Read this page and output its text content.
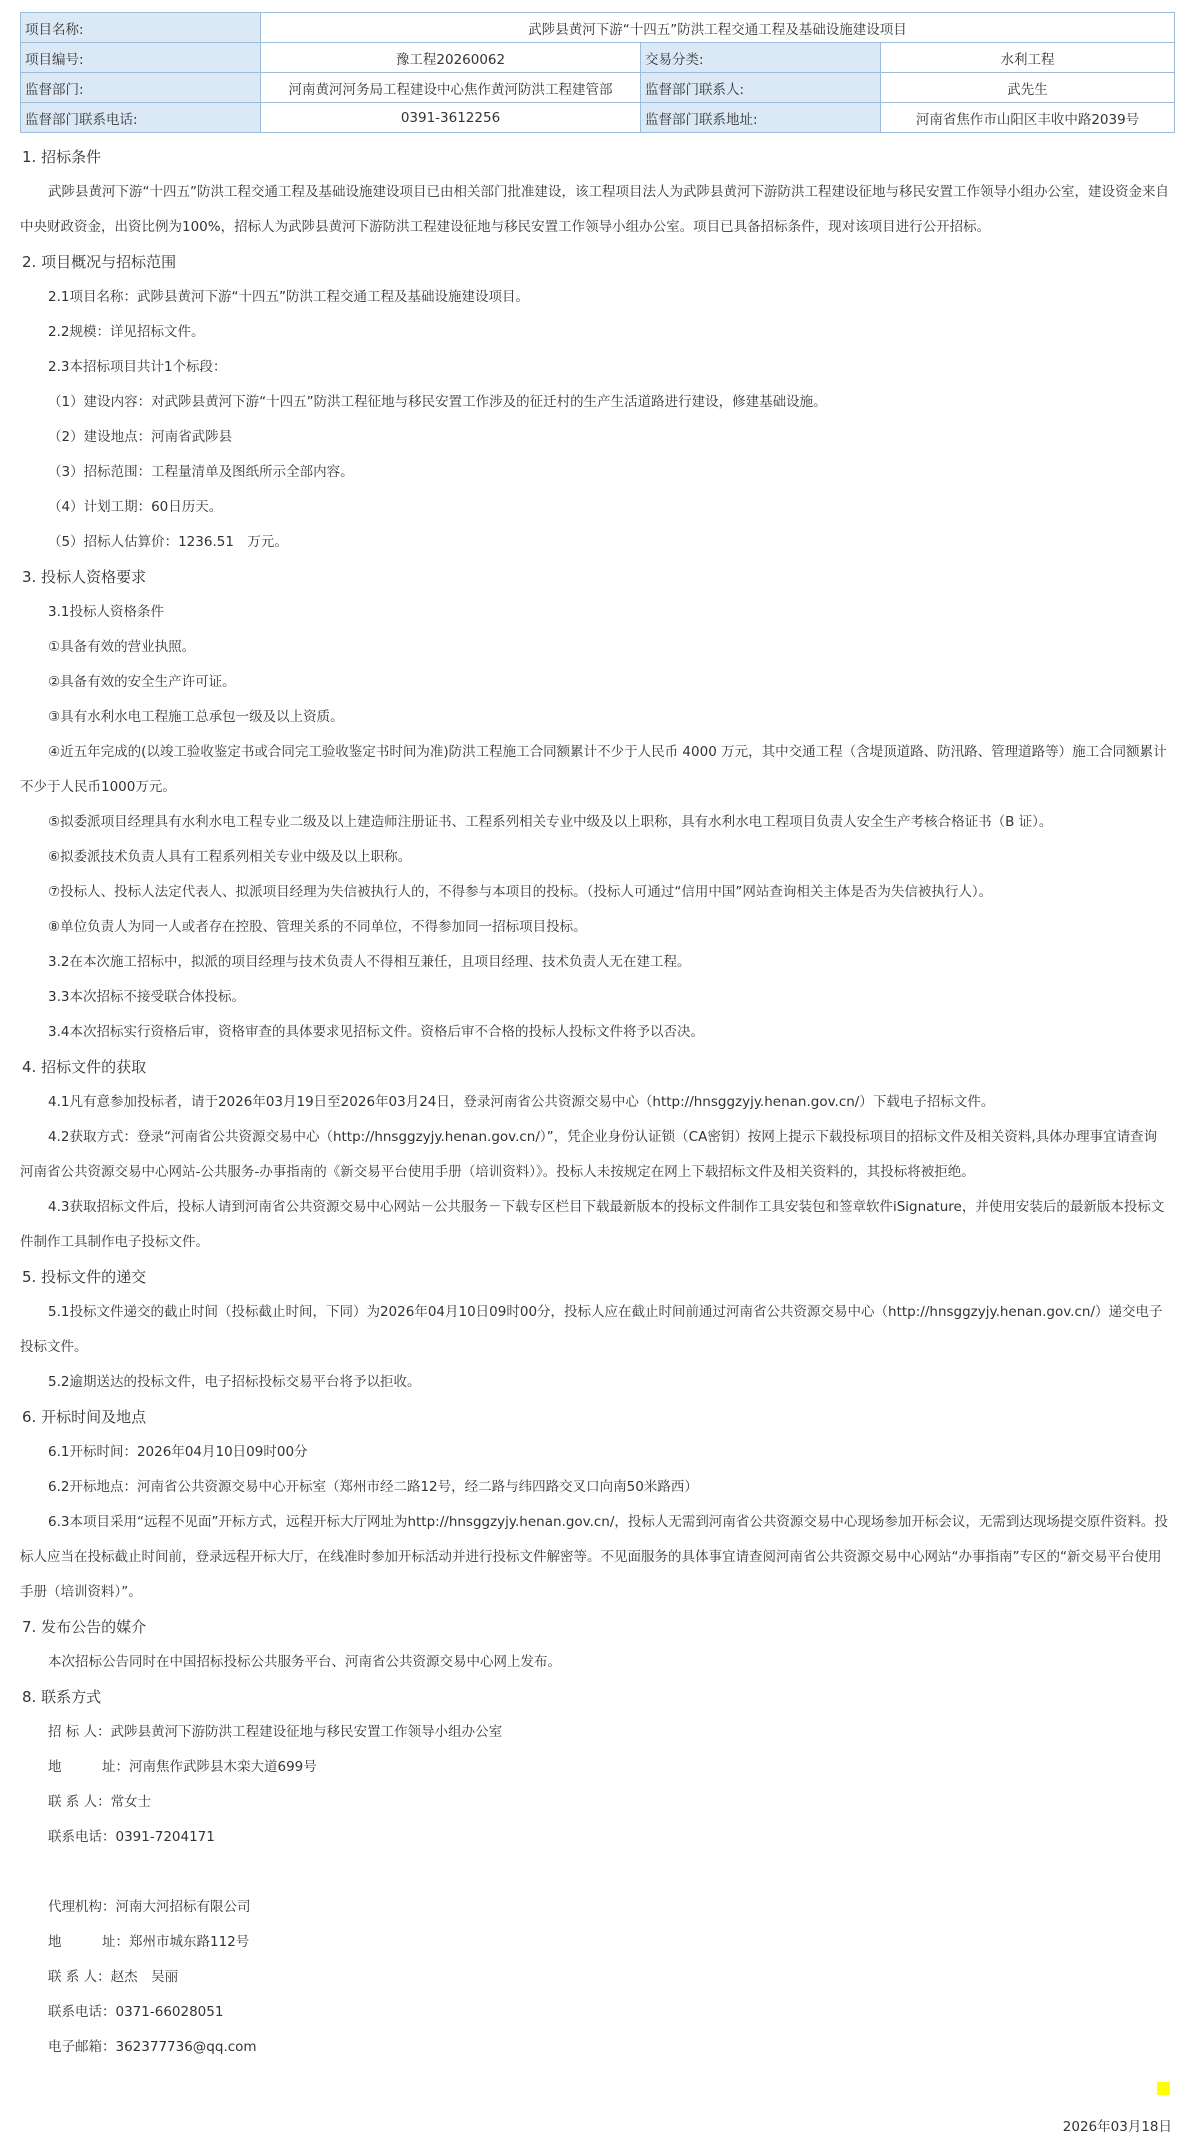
项目名称:	武陟县黄河下游“十四五”防洪工程交通工程及基础设施建设项目		
项目编号:	豫工程20260062	交易分类:	水利工程
监督部门:	河南黄河河务局工程建设中心焦作黄河防洪工程建管部	监督部门联系人:	武先生
监督部门联系电话:	0391-3612256	监督部门联系地址:	河南省焦作市山阳区丰收中路2039号
1. 招标条件
武陟县黄河下游“十四五”防洪工程交通工程及基础设施建设项目已由相关部门批准建设，该工程项目法人为武陟县黄河下游防洪工程建设征地与移民安置工作领导小组办公室，建设资金来自中央财政资金，出资比例为100%，招标人为武陟县黄河下游防洪工程建设征地与移民安置工作领导小组办公室。项目已具备招标条件，现对该项目进行公开招标。
2. 项目概况与招标范围
2.1项目名称：武陟县黄河下游“十四五”防洪工程交通工程及基础设施建设项目。
2.2规模：详见招标文件。
2.3本招标项目共计1个标段：
（1）建设内容：对武陟县黄河下游“十四五”防洪工程征地与移民安置工作涉及的征迁村的生产生活道路进行建设，修建基础设施。
（2）建设地点：河南省武陟县
（3）招标范围：工程量清单及图纸所示全部内容。
（4）计划工期：60日历天。
（5）招标人估算价：1236.51　万元。
3. 投标人资格要求
3.1投标人资格条件
①具备有效的营业执照。
②具备有效的安全生产许可证。
③具有水利水电工程施工总承包一级及以上资质。
④近五年完成的(以竣工验收鉴定书或合同完工验收鉴定书时间为准)防洪工程施工合同额累计不少于人民币 4000 万元，其中交通工程（含堤顶道路、防汛路、管理道路等）施工合同额累计不少于人民币1000万元。
⑤拟委派项目经理具有水利水电工程专业二级及以上建造师注册证书、工程系列相关专业中级及以上职称，具有水利水电工程项目负责人安全生产考核合格证书（B 证）。
⑥拟委派技术负责人具有工程系列相关专业中级及以上职称。
⑦投标人、投标人法定代表人、拟派项目经理为失信被执行人的，不得参与本项目的投标。（投标人可通过“信用中国”网站查询相关主体是否为失信被执行人）。
⑧单位负责人为同一人或者存在控股、管理关系的不同单位，不得参加同一招标项目投标。
3.2在本次施工招标中，拟派的项目经理与技术负责人不得相互兼任，且项目经理、技术负责人无在建工程。
3.3本次招标不接受联合体投标。
3.4本次招标实行资格后审，资格审查的具体要求见招标文件。资格后审不合格的投标人投标文件将予以否决。
4. 招标文件的获取
4.1凡有意参加投标者，请于2026年03月19日至2026年03月24日，登录河南省公共资源交易中心（http://hnsggzyjy.henan.gov.cn/）下载电子招标文件。
4.2获取方式：登录“河南省公共资源交易中心（http://hnsggzyjy.henan.gov.cn/）”，凭企业身份认证锁（CA密钥）按网上提示下载投标项目的招标文件及相关资料,具体办理事宜请查询河南省公共资源交易中心网站-公共服务-办事指南的《新交易平台使用手册（培训资料）》。投标人未按规定在网上下载招标文件及相关资料的，其投标将被拒绝。
4.3获取招标文件后，投标人请到河南省公共资源交易中心网站－公共服务－下载专区栏目下载最新版本的投标文件制作工具安装包和签章软件iSignature，并使用安装后的最新版本投标文件制作工具制作电子投标文件。
5. 投标文件的递交
5.1投标文件递交的截止时间（投标截止时间，下同）为2026年04月10日09时00分，投标人应在截止时间前通过河南省公共资源交易中心（http://hnsggzyjy.henan.gov.cn/）递交电子投标文件。
5.2逾期送达的投标文件，电子招标投标交易平台将予以拒收。
6. 开标时间及地点
6.1开标时间：2026年04月10日09时00分
6.2开标地点：河南省公共资源交易中心开标室（郑州市经二路12号，经二路与纬四路交叉口向南50米路西）
6.3本项目采用“远程不见面”开标方式，远程开标大厅网址为http://hnsggzyjy.henan.gov.cn/，投标人无需到河南省公共资源交易中心现场参加开标会议，无需到达现场提交原件资料。投标人应当在投标截止时间前，登录远程开标大厅，在线准时参加开标活动并进行投标文件解密等。不见面服务的具体事宜请查阅河南省公共资源交易中心网站“办事指南”专区的“新交易平台使用手册（培训资料）”。
7. 发布公告的媒介
本次招标公告同时在中国招标投标公共服务平台、河南省公共资源交易中心网上发布。
8. 联系方式
招 标 人：武陟县黄河下游防洪工程建设征地与移民安置工作领导小组办公室
地　　　址：河南焦作武陟县木栾大道699号
联 系 人：常女士
联系电话：0391-7204171
代理机构：河南大河招标有限公司
地　　　址：郑州市城东路112号
联 系 人：赵杰　吴丽
联系电话：0371-66028051
电子邮箱：362377736@qq.com
2026年03月18日
